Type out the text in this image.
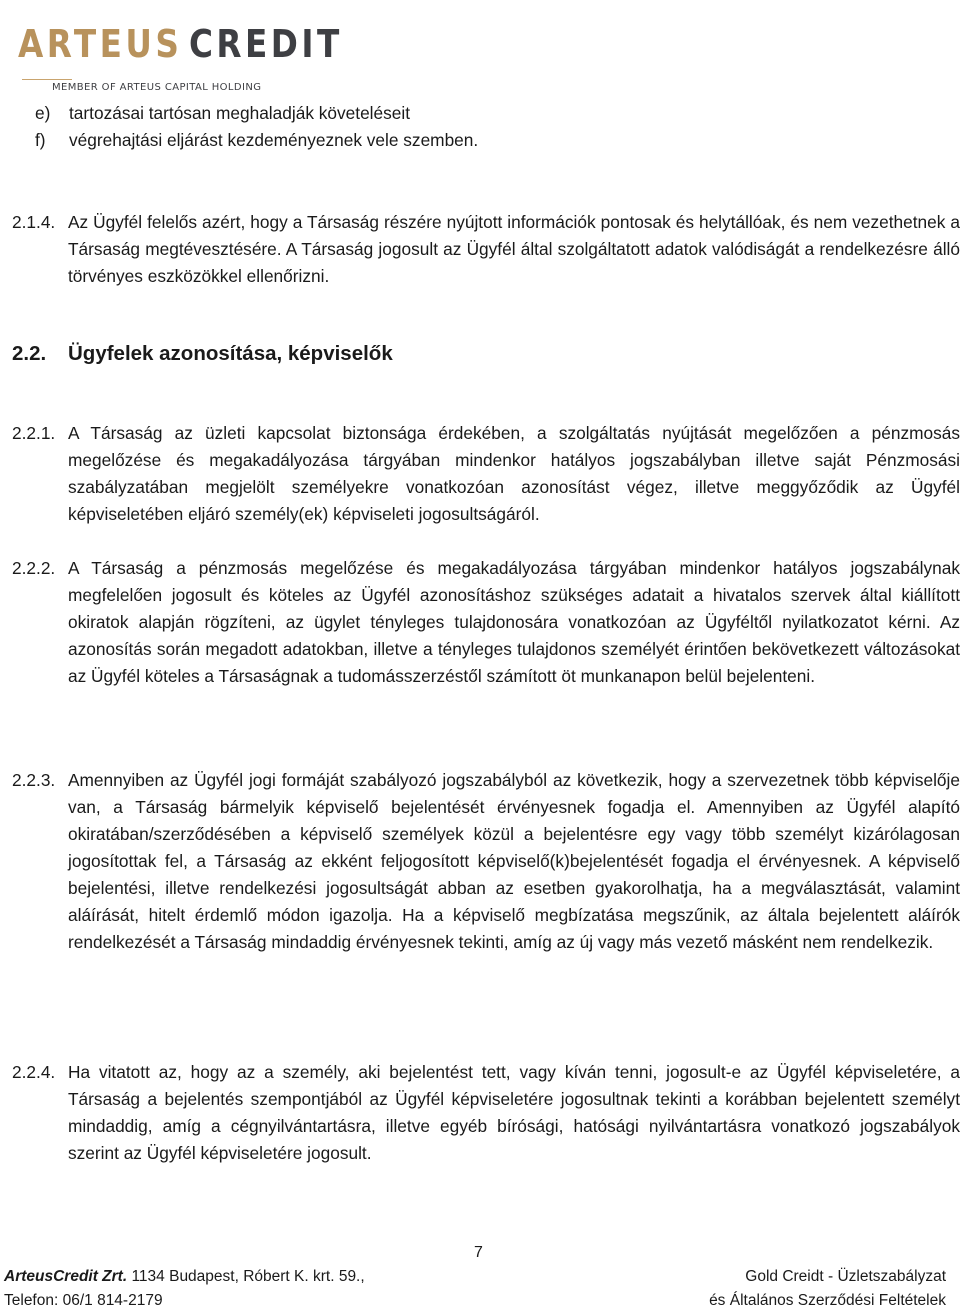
ARTEUS CREDIT
MEMBER OF ARTEUS CAPITAL HOLDING
e) tartozásai tartósan meghaladják követeléseit
f) végrehajtási eljárást kezdeményeznek vele szemben.
2.1.4. Az Ügyfél felelős azért, hogy a Társaság részére nyújtott információk pontosak és helytállóak, és nem vezethetnek a Társaság megtévesztésére. A Társaság jogosult az Ügyfél által szolgáltatott adatok valódiságát a rendelkezésre álló törvényes eszközökkel ellenőrizni.
2.2. Ügyfelek azonosítása, képviselők
2.2.1. A Társaság az üzleti kapcsolat biztonsága érdekében, a szolgáltatás nyújtását megelőzően a pénzmosás megelőzése és megakadályozása tárgyában mindenkor hatályos jogszabályban illetve saját Pénzmosási szabályzatában megjelölt személyekre vonatkozóan azonosítást végez, illetve meggyőződik az Ügyfél képviseletében eljáró személy(ek) képviseleti jogosultságáról.
2.2.2. A Társaság a pénzmosás megelőzése és megakadályozása tárgyában mindenkor hatályos jogszabálynak megfelelően jogosult és köteles az Ügyfél azonosításhoz szükséges adatait a hivatalos szervek által kiállított okiratok alapján rögzíteni, az ügylet tényleges tulajdonosára vonatkozóan az Ügyféltől nyilatkozatot kérni. Az azonosítás során megadott adatokban, illetve a tényleges tulajdonos személyét érintően bekövetkezett változásokat az Ügyfél köteles a Társaságnak a tudomásszerzéstől számított öt munkanapon belül bejelenteni.
2.2.3. Amennyiben az Ügyfél jogi formáját szabályozó jogszabályból az következik, hogy a szervezetnek több képviselője van, a Társaság bármelyik képviselő bejelentését érvényesnek fogadja el. Amennyiben az Ügyfél alapító okiratában/szerződésében a képviselő személyek közül a bejelentésre egy vagy több személyt kizárólagosan jogosítottak fel, a Társaság az ekként feljogosított képviselő(k)bejelentését fogadja el érvényesnek. A képviselő bejelentési, illetve rendelkezési jogosultságát abban az esetben gyakorolhatja, ha a megválasztását, valamint aláírását, hitelt érdemlő módon igazolja. Ha a képviselő megbízatása megszűnik, az általa bejelentett aláírók rendelkezését a Társaság mindaddig érvényesnek tekinti, amíg az új vagy más vezető másként nem rendelkezik.
2.2.4. Ha vitatott az, hogy az a személy, aki bejelentést tett, vagy kíván tenni, jogosult-e az Ügyfél képviseletére, a Társaság a bejelentés szempontjából az Ügyfél képviseletére jogosultnak tekinti a korábban bejelentett személyt mindaddig, amíg a cégnyilvántartásra, illetve egyéb bírósági, hatósági nyilvántartásra vonatkozó jogszabályok szerint az Ügyfél képviseletére jogosult.
7
ArteusCredit Zrt. 1134 Budapest, Róbert K. krt. 59.,
Telefon: 06/1 814-2179
Gold Creidt - Üzletszabályzat
és Általános Szerződési Feltételek
